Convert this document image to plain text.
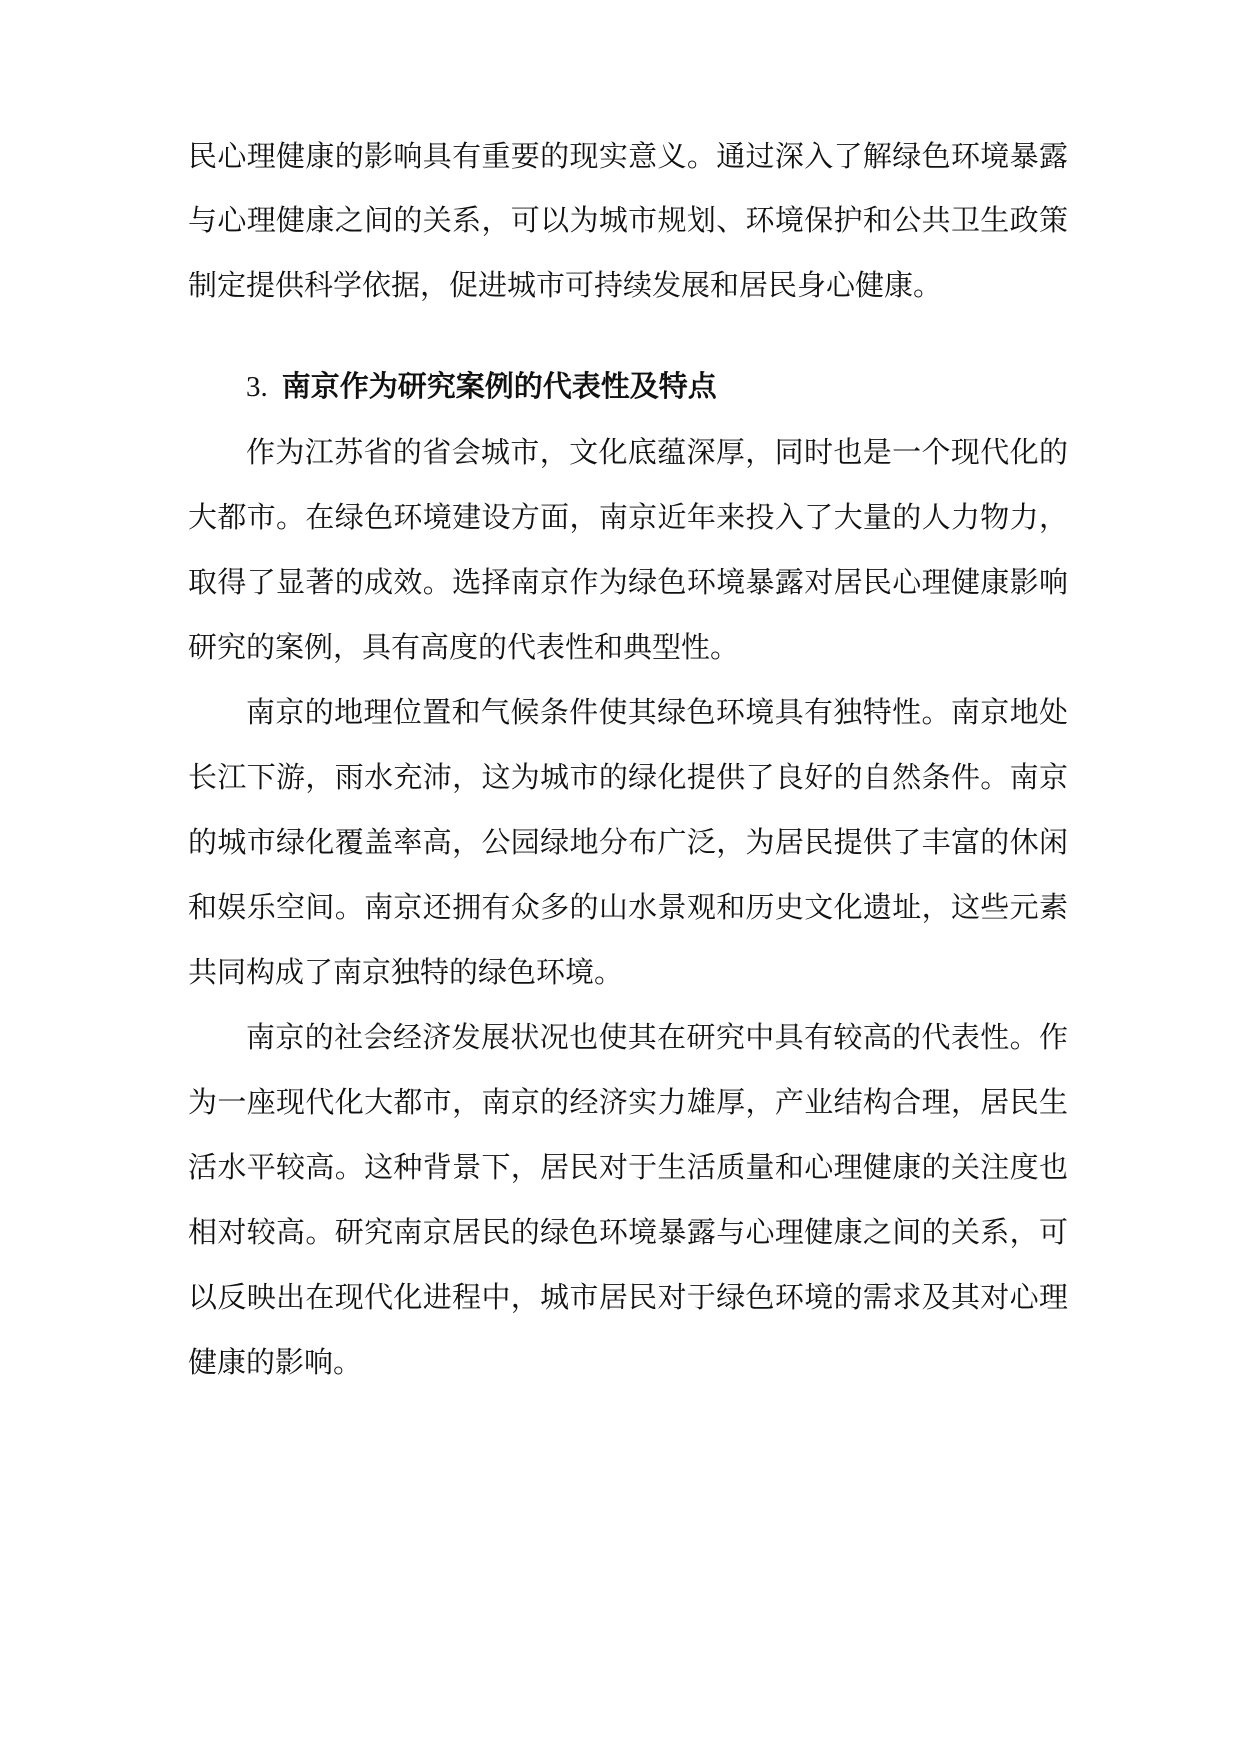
民心理健康的影响具有重要的现实意义。通过深入了解绿色环境暴露
与心理健康之间的关系，可以为城市规划、环境保护和公共卫生政策
制定提供科学依据，促进城市可持续发展和居民身心健康。
3. 南京作为研究案例的代表性及特点
作为江苏省的省会城市，文化底蕴深厚，同时也是一个现代化的
大都市。在绿色环境建设方面，南京近年来投入了大量的人力物力，
取得了显著的成效。选择南京作为绿色环境暴露对居民心理健康影响
研究的案例，具有高度的代表性和典型性。
南京的地理位置和气候条件使其绿色环境具有独特性。南京地处
长江下游，雨水充沛，这为城市的绿化提供了良好的自然条件。南京
的城市绿化覆盖率高，公园绿地分布广泛，为居民提供了丰富的休闲
和娱乐空间。南京还拥有众多的山水景观和历史文化遗址，这些元素
共同构成了南京独特的绿色环境。
南京的社会经济发展状况也使其在研究中具有较高的代表性。作
为一座现代化大都市，南京的经济实力雄厚，产业结构合理，居民生
活水平较高。这种背景下，居民对于生活质量和心理健康的关注度也
相对较高。研究南京居民的绿色环境暴露与心理健康之间的关系，可
以反映出在现代化进程中，城市居民对于绿色环境的需求及其对心理
健康的影响。
